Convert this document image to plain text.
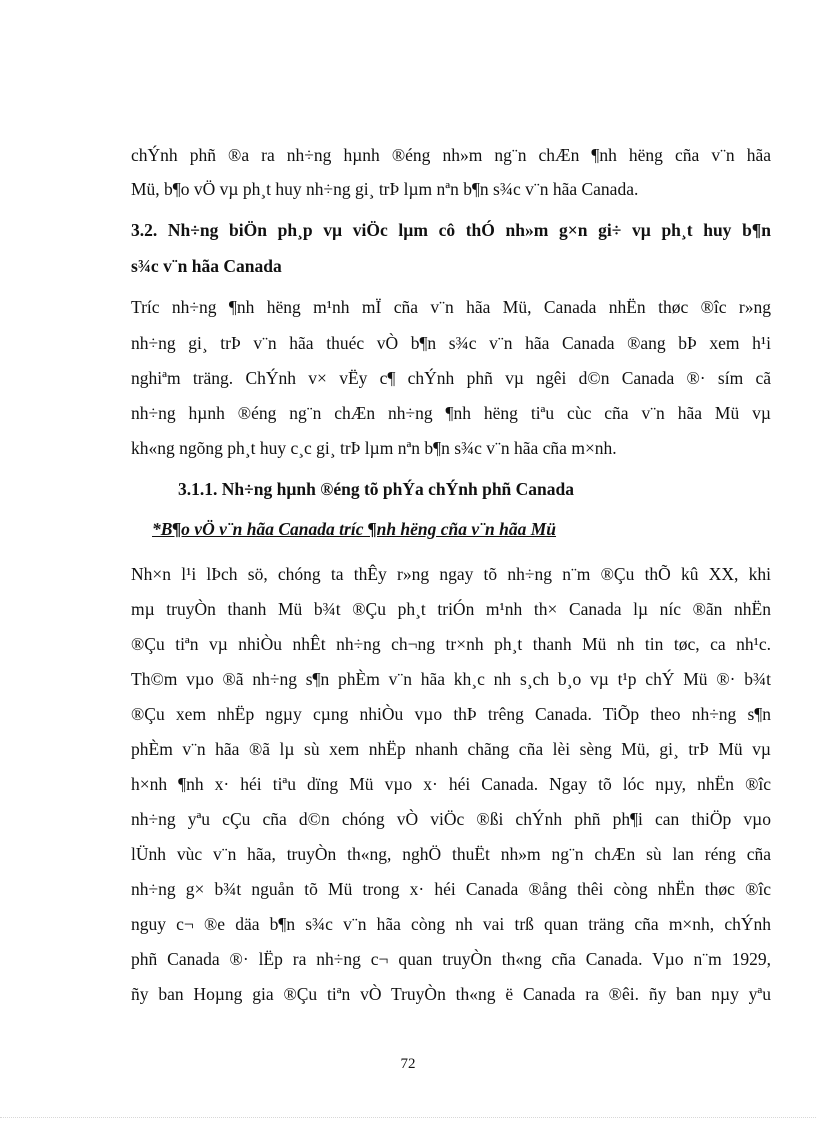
chÝnh phñ ®a ra nh÷ng hµnh ®éng nh»m ng¨n chÆn ¶nh hëng cña v¨n hãa
Mü, b¶o vÖ vµ ph¸t huy nh÷ng gi¸ trÞ lµm nªn b¶n s¾c v¨n hãa Canada.
3.2. Nh÷ng biÖn ph¸p vµ viÖc lµm cô thÓ nh»m g×n gi÷ vµ ph¸t huy b¶n
s¾c v¨n hãa Canada
Tríc nh÷ng ¶nh hëng m¹nh mÏ cña v¨n hãa Mü, Canada nhËn thøc ®îc r»ng
nh÷ng gi¸ trÞ v¨n hãa thuéc vÒ b¶n s¾c v¨n hãa Canada ®ang bÞ xem h¹i
nghiªm träng. ChÝnh v× vËy c¶ chÝnh phñ vµ ngêi d©n Canada ®· sím cã
nh÷ng hµnh ®éng ng¨n chÆn nh÷ng ¶nh hëng tiªu cùc cña v¨n hãa Mü vµ
kh«ng ngõng ph¸t huy c¸c gi¸ trÞ lµm nªn b¶n s¾c v¨n hãa cña m×nh.
3.1.1. Nh÷ng hµnh ®éng tõ phÝa chÝnh phñ Canada
*B¶o vÖ v¨n hãa Canada tríc ¶nh hëng cña v¨n hãa Mü
Nh×n l¹i lÞch sö, chóng ta thÊy r»ng ngay tõ nh÷ng n¨m ®Çu thÕ kû XX, khi
mµ truyÒn thanh Mü b¾t ®Çu ph¸t triÓn m¹nh th× Canada lµ níc ®ãn nhËn
®Çu tiªn vµ nhiÒu nhÊt nh÷ng ch¬ng tr×nh ph¸t thanh Mü nh tin tøc, ca nh¹c.
Th©m vµo ®ã nh÷ng s¶n phÈm v¨n hãa kh¸c nh s¸ch b¸o vµ t¹p chÝ Mü ®· b¾t
®Çu xem nhËp ngµy cµng nhiÒu vµo thÞ trêng Canada. TiÕp theo nh÷ng s¶n
phÈm v¨n hãa ®ã lµ sù xem nhËp nhanh chãng cña lèi sèng Mü, gi¸ trÞ Mü vµ
h×nh ¶nh x· héi tiªu dïng Mü vµo x· héi Canada. Ngay tõ lóc nµy, nhËn ®îc
nh÷ng yªu cÇu cña d©n chóng vÒ viÖc ®ßi chÝnh phñ ph¶i can thiÖp vµo
lÜnh vùc v¨n hãa, truyÒn th«ng, nghÖ thuËt nh»m ng¨n chÆn sù lan réng cña
nh÷ng g× b¾t nguån tõ Mü trong x· héi Canada ®ång thêi còng nhËn thøc ®îc
nguy c¬ ®e däa b¶n s¾c v¨n hãa còng nh vai trß quan träng cña m×nh, chÝnh
phñ Canada ®· lËp ra nh÷ng c¬ quan truyÒn th«ng cña Canada. Vµo n¨m 1929,
ñy ban Hoµng gia ®Çu tiªn vÒ TruyÒn th«ng ë Canada ra ®êi. ñy ban nµy yªu
72
